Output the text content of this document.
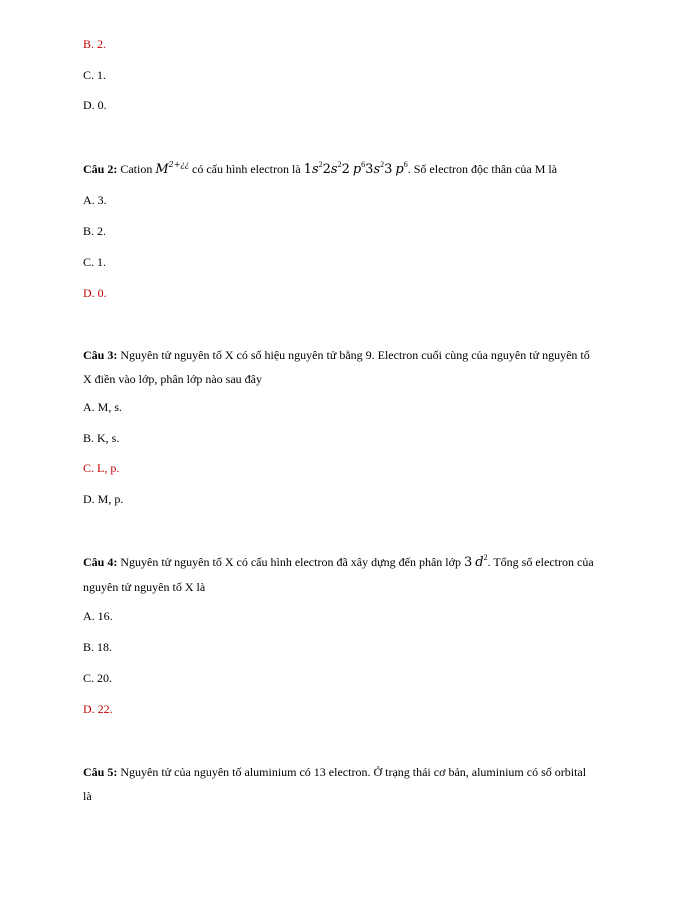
B. 2.
C. 1.
D. 0.
Câu 2: Cation $M^{2+¿¿}$ có cấu hình electron là $1s^22s^22$ $p^63s^23$ $p^6$. Số electron độc thân của M là
A. 3.
B. 2.
C. 1.
D. 0.
Câu 3: Nguyên tử nguyên tố X có số hiệu nguyên tử bằng 9. Electron cuối cùng của nguyên tử nguyên tố
X điền vào lớp, phân lớp nào sau đây
A. M, s.
B. K, s.
C. L, p.
D. M, p.
Câu 4: Nguyên tử nguyên tố X có cấu hình electron đã xây dựng đến phân lớp 3 $d^2$. Tổng số electron của
nguyên tử nguyên tố X là
A. 16.
B. 18.
C. 20.
D. 22.
Câu 5: Nguyên tử của nguyên tố aluminium có 13 electron. Ở trạng thái cơ bản, aluminium có số orbital
là
